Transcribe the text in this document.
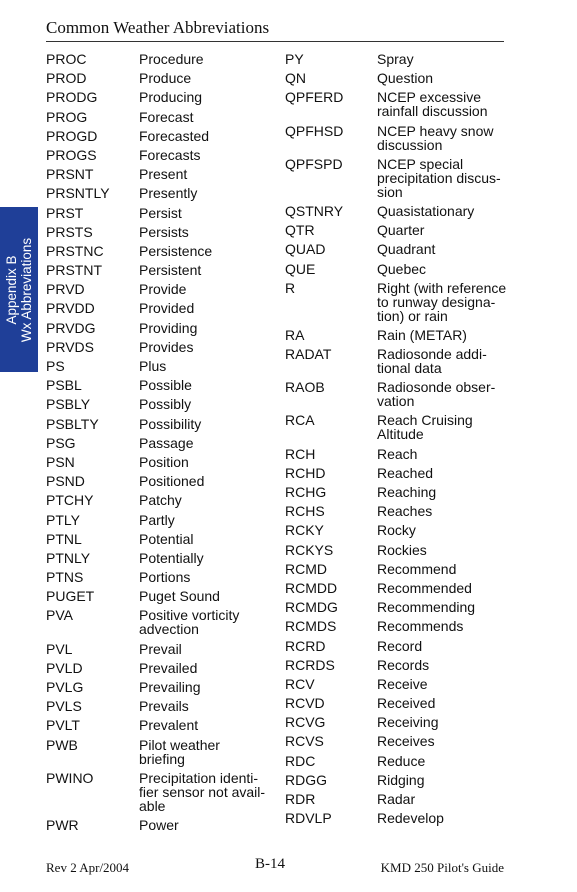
Common Weather Abbreviations
Appendix B Wx Abbreviations
PROC	Procedure
PROD	Produce
PRODG	Producing
PROG	Forecast
PROGD	Forecasted
PROGS	Forecasts
PRSNT	Present
PRSNTLY	Presently
PRST	Persist
PRSTS	Persists
PRSTNC	Persistence
PRSTNT	Persistent
PRVD	Provide
PRVDD	Provided
PRVDG	Providing
PRVDS	Provides
PS	Plus
PSBL	Possible
PSBLY	Possibly
PSBLTY	Possibility
PSG	Passage
PSN	Position
PSND	Positioned
PTCHY	Patchy
PTLY	Partly
PTNL	Potential
PTNLY	Potentially
PTNS	Portions
PUGET	Puget Sound
PVA	Positive vorticity
advection
PVL	Prevail
PVLD	Prevailed
PVLG	Prevailing
PVLS	Prevails
PVLT	Prevalent
PWB	Pilot weather
briefing
PWINO	Precipitation identi-
fier sensor not avail-
able
PWR	Power
PY	Spray
QN	Question
QPFERD	NCEP excessive
rainfall discussion
QPFHSD	NCEP heavy snow
discussion
QPFSPD	NCEP special
precipitation discus-
sion
QSTNRY	Quasistationary
QTR	Quarter
QUAD	Quadrant
QUE	Quebec
R	Right (with reference
to runway designa-
tion) or rain
RA	Rain (METAR)
RADAT	Radiosonde addi-
tional data
RAOB	Radiosonde obser-
vation
RCA	Reach Cruising
Altitude
RCH	Reach
RCHD	Reached
RCHG	Reaching
RCHS	Reaches
RCKY	Rocky
RCKYS	Rockies
RCMD	Recommend
RCMDD	Recommended
RCMDG	Recommending
RCMDS	Recommends
RCRD	Record
RCRDS	Records
RCV	Receive
RCVD	Received
RCVG	Receiving
RCVS	Receives
RDC	Reduce
RDGG	Ridging
RDR	Radar
RDVLP	Redevelop
Rev 2 Apr/2004	B-14	KMD 250 Pilot's Guide
